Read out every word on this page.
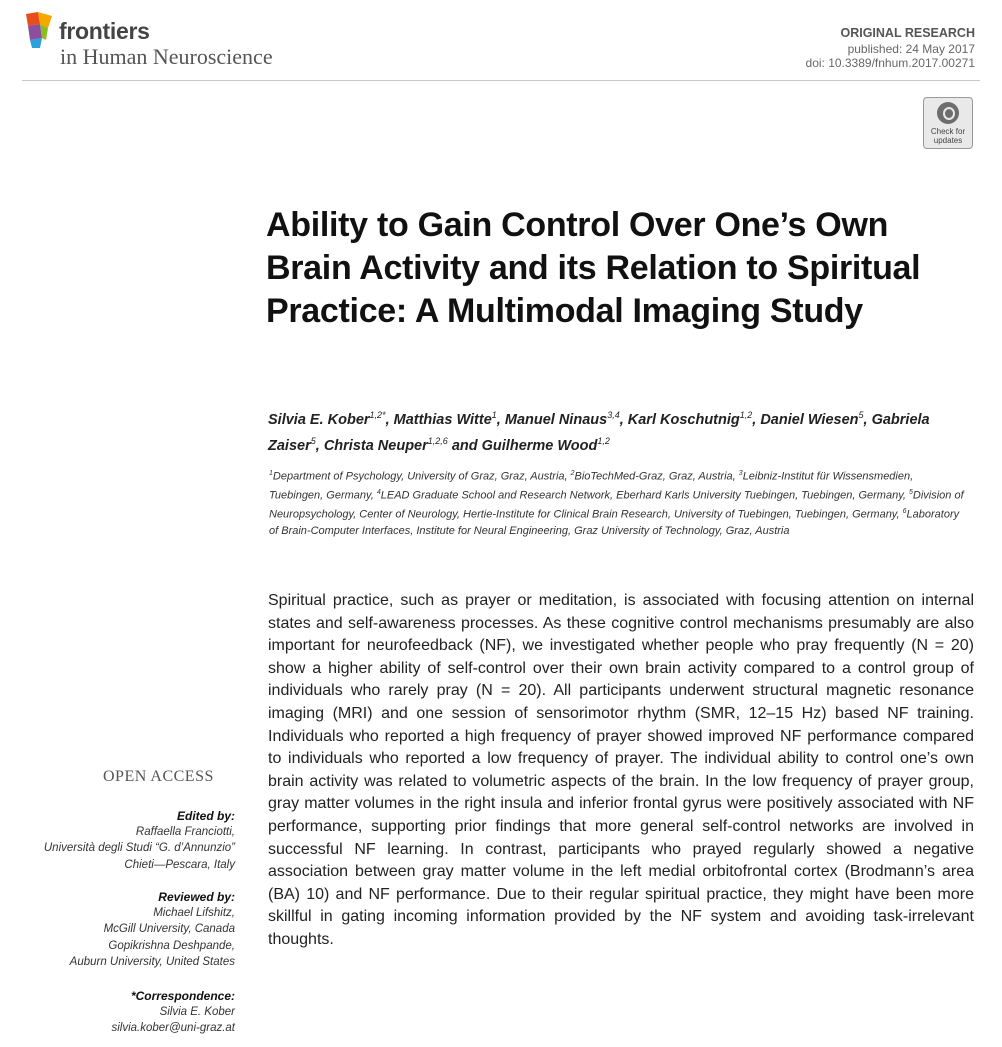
frontiers
in Human Neuroscience
ORIGINAL RESEARCH
published: 24 May 2017
doi: 10.3389/fnhum.2017.00271
Check for
updates
Ability to Gain Control Over One’s Own Brain Activity and its Relation to Spiritual Practice: A Multimodal Imaging Study
Silvia E. Kober$^{1,2*}$, Matthias Witte$^1$, Manuel Ninaus$^{3,4}$, Karl Koschutnig$^{1,2}$, Daniel Wiesen$^5$, Gabriela Zaiser$^5$, Christa Neuper$^{1,2,6}$ and Guilherme Wood$^{1,2}$
$^1$Department of Psychology, University of Graz, Graz, Austria, $^2$BioTechMed-Graz, Graz, Austria, $^3$Leibniz-Institut für Wissensmedien, Tuebingen, Germany, $^4$LEAD Graduate School and Research Network, Eberhard Karls University Tuebingen, Tuebingen, Germany, $^5$Division of Neuropsychology, Center of Neurology, Hertie-Institute for Clinical Brain Research, University of Tuebingen, Tuebingen, Germany, $^6$Laboratory of Brain-Computer Interfaces, Institute for Neural Engineering, Graz University of Technology, Graz, Austria
Spiritual practice, such as prayer or meditation, is associated with focusing attention on internal states and self-awareness processes. As these cognitive control mechanisms presumably are also important for neurofeedback (NF), we investigated whether people who pray frequently (N = 20) show a higher ability of self-control over their own brain activity compared to a control group of individuals who rarely pray (N = 20). All participants underwent structural magnetic resonance imaging (MRI) and one session of sensorimotor rhythm (SMR, 12–15 Hz) based NF training. Individuals who reported a high frequency of prayer showed improved NF performance compared to individuals who reported a low frequency of prayer. The individual ability to control one’s own brain activity was related to volumetric aspects of the brain. In the low frequency of prayer group, gray matter volumes in the right insula and inferior frontal gyrus were positively associated with NF performance, supporting prior findings that more general self-control networks are involved in successful NF learning. In contrast, participants who prayed regularly showed a negative association between gray matter volume in the left medial orbitofrontal cortex (Brodmann’s area (BA) 10) and NF performance. Due to their regular spiritual practice, they might have been more skillful in gating incoming information provided by the NF system and avoiding task-irrelevant thoughts.
OPEN ACCESS
Edited by:
Raffaella Franciotti,
Università degli Studi “G. d’Annunzio”
Chieti—Pescara, Italy
Reviewed by:
Michael Lifshitz,
McGill University, Canada
Gopikrishna Deshpande,
Auburn University, United States
*Correspondence:
Silvia E. Kober
silvia.kober@uni-graz.at
